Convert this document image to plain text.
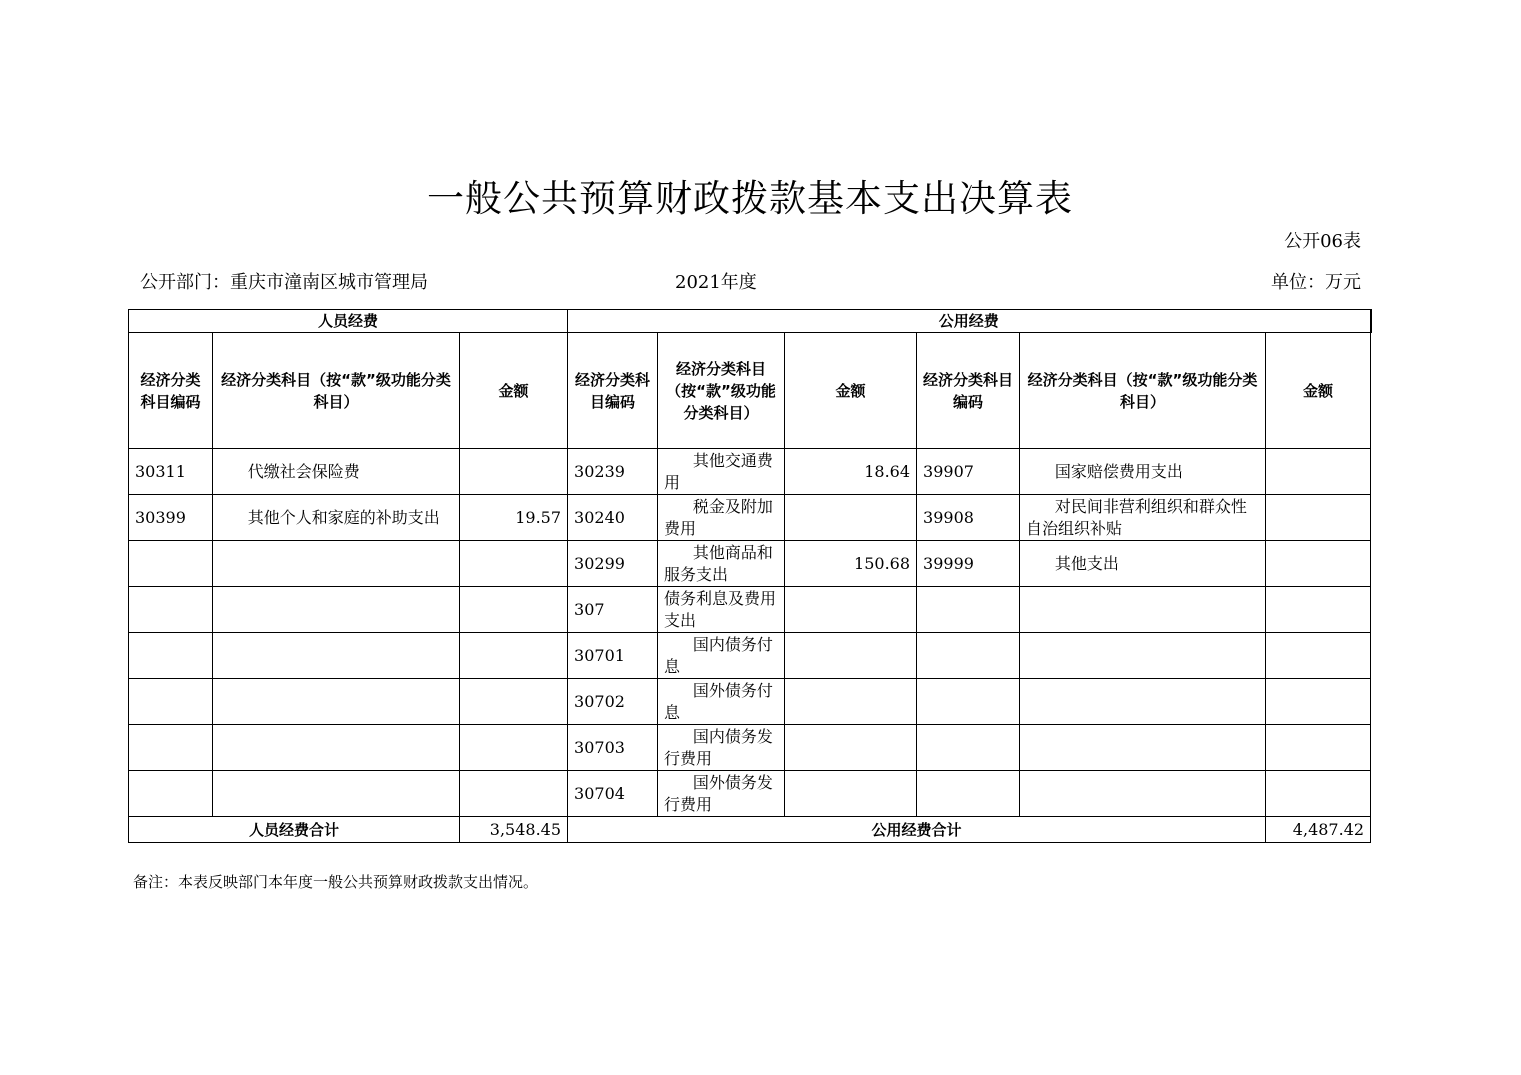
一般公共预算财政拨款基本支出决算表
公开06表
公开部门：重庆市潼南区城市管理局	2021年度	单位：万元
人员经费			公用经费					
经济分类科目编码	经济分类科目（按“款”级功能分类科目）	金额	经济分类科目编码	经济分类科目（按“款”级功能分类科目）	金额	经济分类科目编码	经济分类科目（按“款”级功能分类科目）	金额
30311	代缴社会保险费		30239	其他交通费用	18.64	39907	国家赔偿费用支出	
30399	其他个人和家庭的补助支出	19.57	30240	税金及附加费用		39908	对民间非营利组织和群众性自治组织补贴	
			30299	其他商品和服务支出	150.68	39999	其他支出	
			307	债务利息及费用支出				
			30701	国内债务付息				
			30702	国外债务付息				
			30703	国内债务发行费用				
			30704	国外债务发行费用				
人员经费合计		3,548.45	公用经费合计					4,487.42
备注：本表反映部门本年度一般公共预算财政拨款支出情况。
